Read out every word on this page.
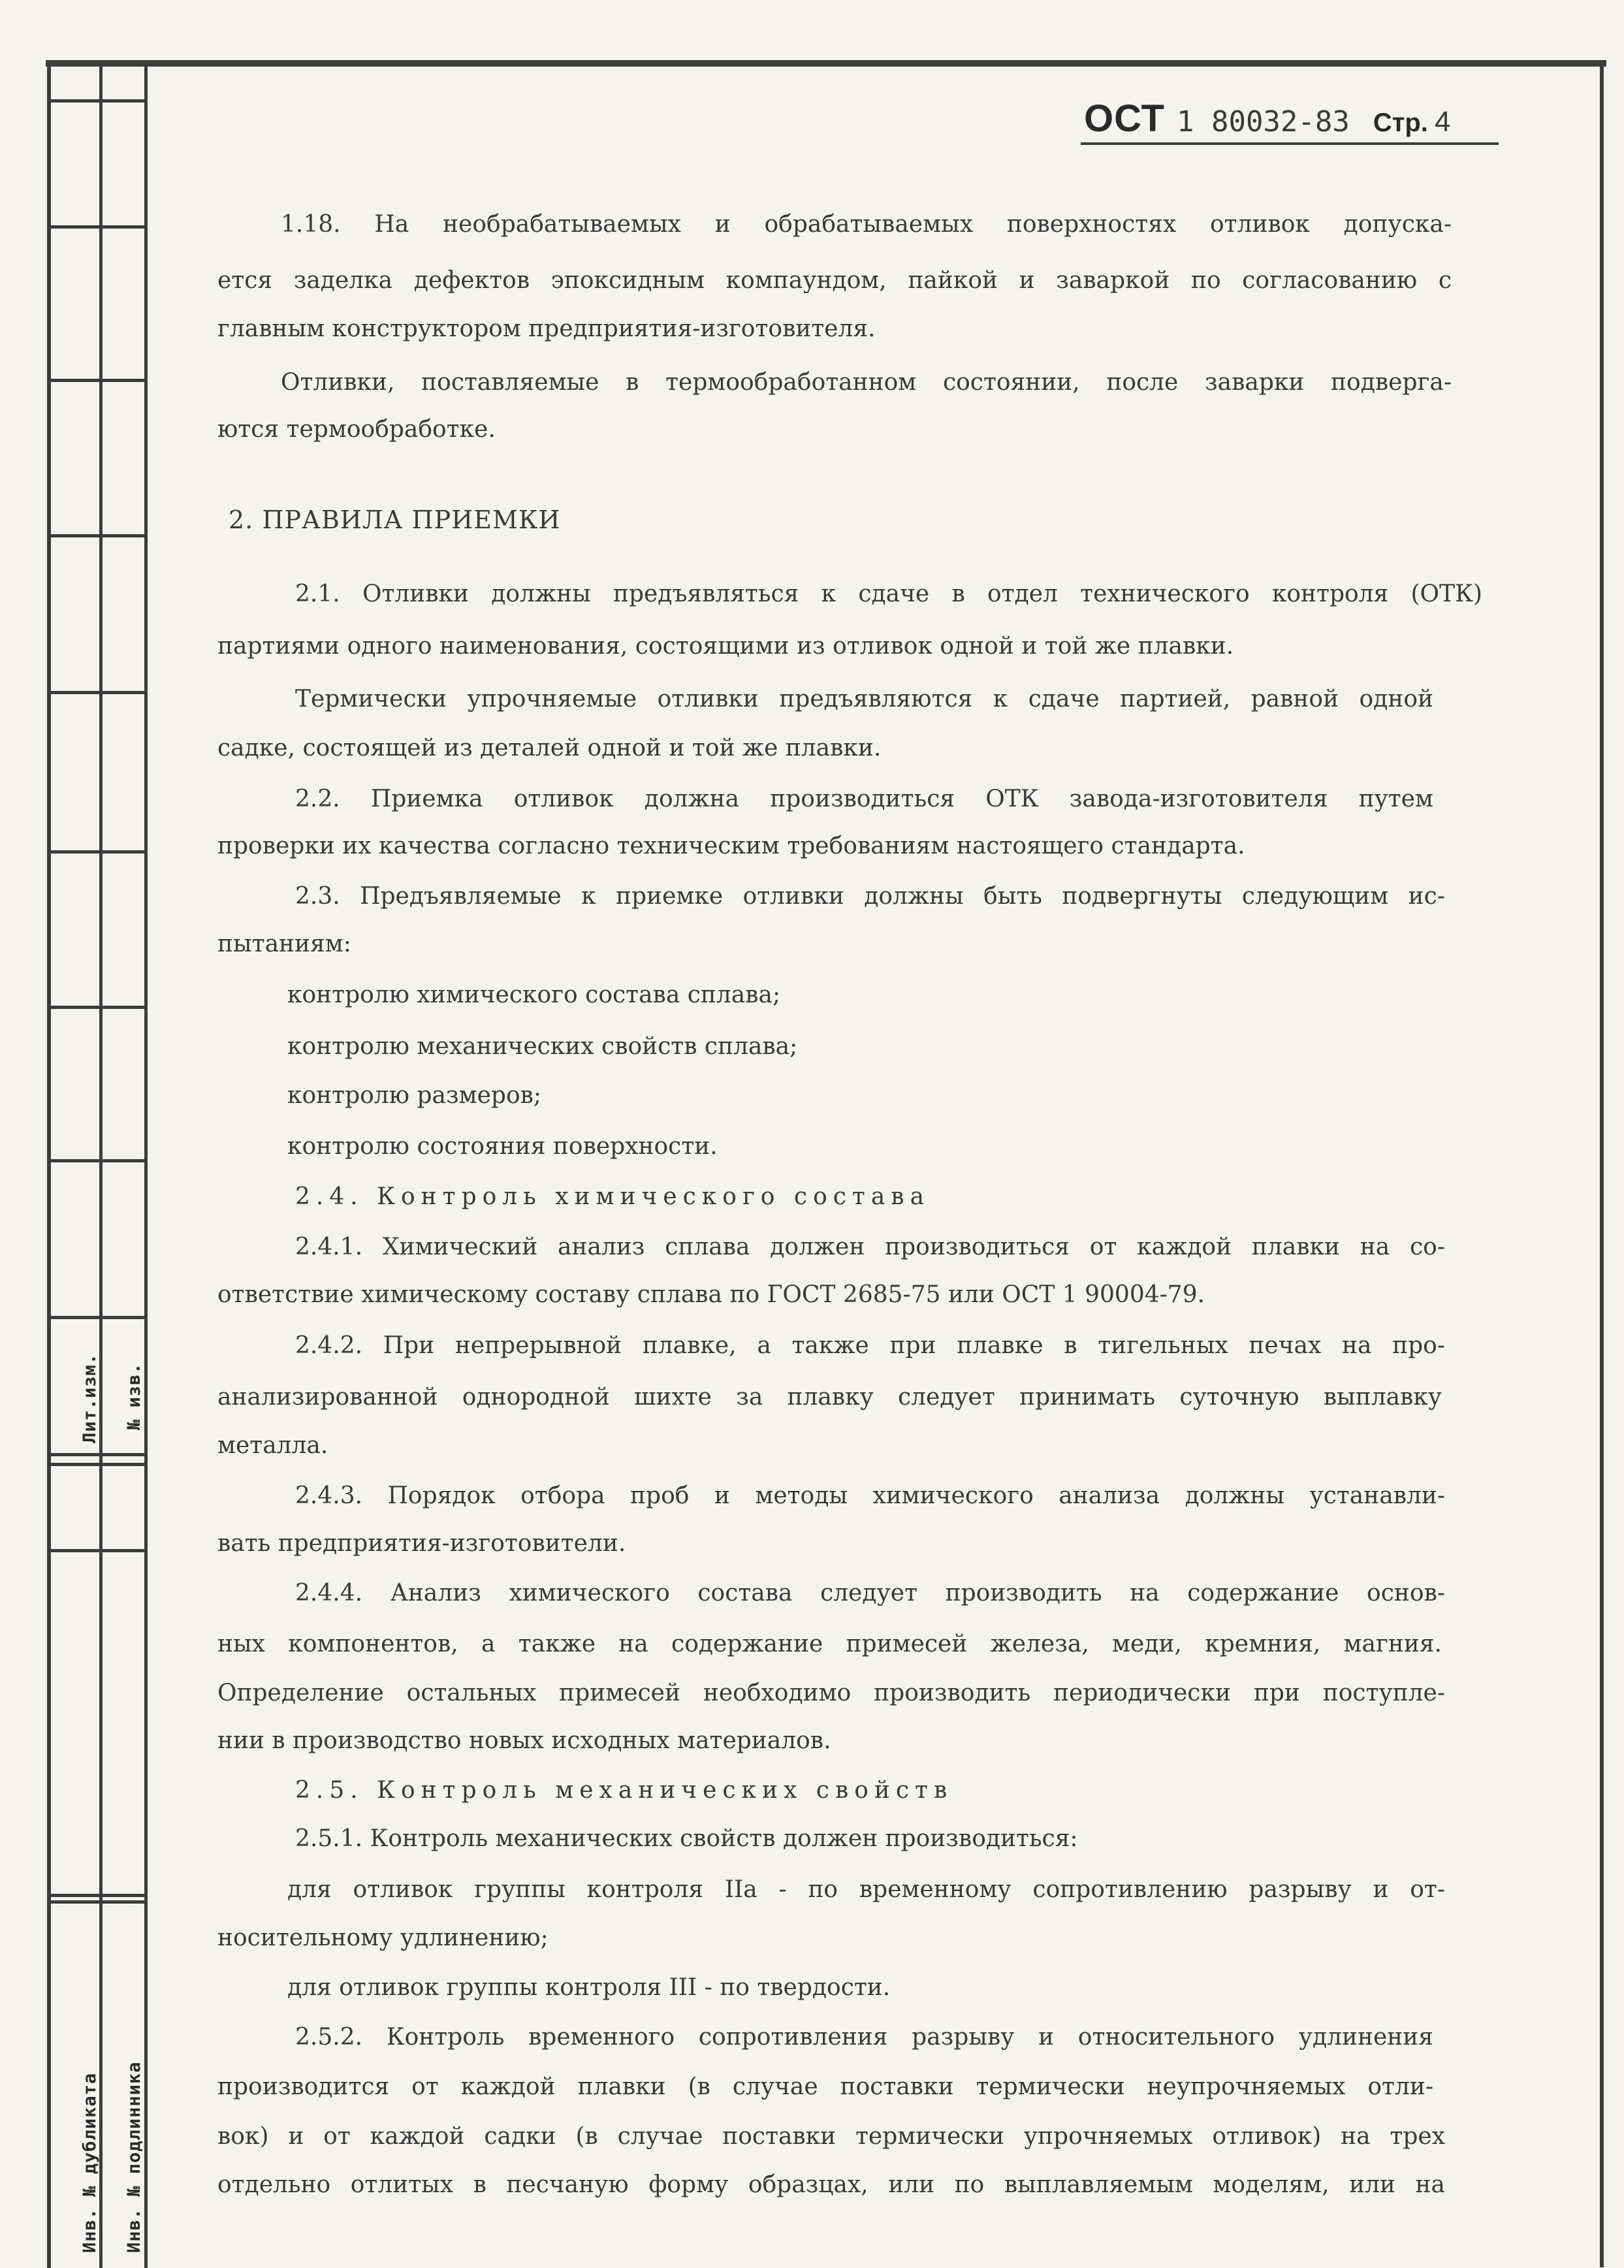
Лит.изм. № изв.
Инв. № дубликата Инв. № подлинника
ОСТ 1 80032-83 Стр. 4
1.18. На необрабатываемых и обрабатываемых поверхностях отливок допуска-
ется заделка дефектов эпоксидным компаундом, пайкой и заваркой по согласованию с
главным конструктором предприятия-изготовителя.
Отливки, поставляемые в термообработанном состоянии, после заварки подверга-
ются термообработке.
2. ПРАВИЛА ПРИЕМКИ
2.1. Отливки должны предъявляться к сдаче в отдел технического контроля (ОТК)
партиями одного наименования, состоящими из отливок одной и той же плавки.
Термически упрочняемые отливки предъявляются к сдаче партией, равной одной
садке, состоящей из деталей одной и той же плавки.
2.2. Приемка отливок должна производиться ОТК завода-изготовителя путем
проверки их качества согласно техническим требованиям настоящего стандарта.
2.3. Предъявляемые к приемке отливки должны быть подвергнуты следующим ис-
пытаниям:
контролю химического состава сплава;
контролю механических свойств сплава;
контролю размеров;
контролю состояния поверхности.
2.4. Контроль химического состава
2.4.1. Химический анализ сплава должен производиться от каждой плавки на со-
ответствие химическому составу сплава по ГОСТ 2685-75 или ОСТ 1 90004-79.
2.4.2. При непрерывной плавке, а также при плавке в тигельных печах на про-
анализированной однородной шихте за плавку следует принимать суточную выплавку
металла.
2.4.3. Порядок отбора проб и методы химического анализа должны устанавли-
вать предприятия-изготовители.
2.4.4. Анализ химического состава следует производить на содержание основ-
ных компонентов, а также на содержание примесей железа, меди, кремния, магния.
Определение остальных примесей необходимо производить периодически при поступле-
нии в производство новых исходных материалов.
2.5. Контроль механических свойств
2.5.1. Контроль механических свойств должен производиться:
для отливок группы контроля IIа - по временному сопротивлению разрыву и от-
носительному удлинению;
для отливок группы контроля III - по твердости.
2.5.2. Контроль временного сопротивления разрыву и относительного удлинения
производится от каждой плавки (в случае поставки термически неупрочняемых отли-
вок) и от каждой садки (в случае поставки термически упрочняемых отливок) на трех
отдельно отлитых в песчаную форму образцах, или по выплавляемым моделям, или на
